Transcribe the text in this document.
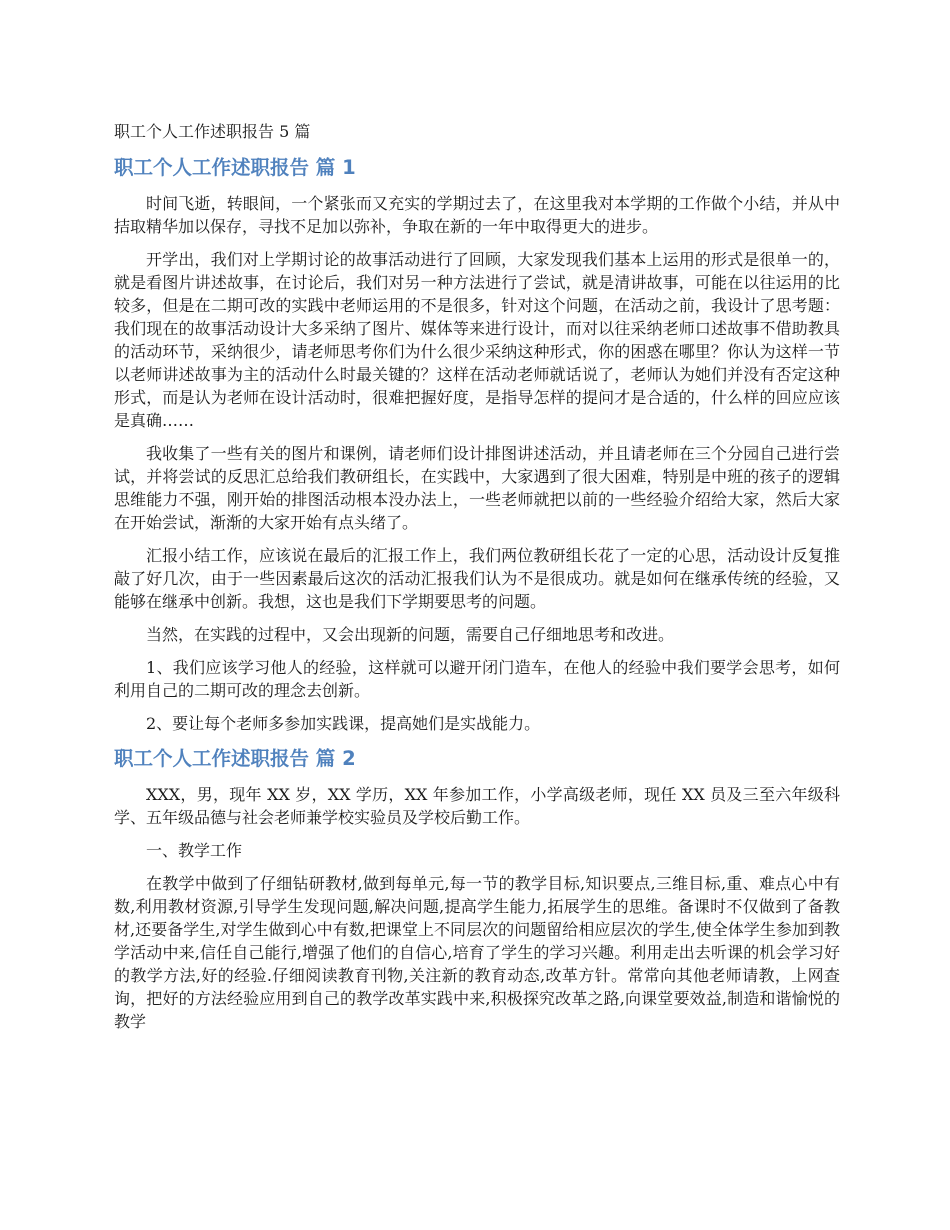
职工个人工作述职报告 5 篇
职工个人工作述职报告 篇 1

时间飞逝，转眼间，一个紧张而又充实的学期过去了，在这里我对本学期的工作做个小结，并从中拮取精华加以保存，寻找不足加以弥补，争取在新的一年中取得更大的进步。

开学出，我们对上学期讨论的故事活动进行了回顾，大家发现我们基本上运用的形式是很单一的，就是看图片讲述故事，在讨论后，我们对另一种方法进行了尝试，就是清讲故事，可能在以往运用的比较多，但是在二期可改的实践中老师运用的不是很多，针对这个问题，在活动之前，我设计了思考题：我们现在的故事活动设计大多采纳了图片、媒体等来进行设计，而对以往采纳老师口述故事不借助教具的活动环节，采纳很少，请老师思考你们为什么很少采纳这种形式，你的困惑在哪里？你认为这样一节以老师讲述故事为主的活动什么时最关键的？这样在活动老师就话说了，老师认为她们并没有否定这种形式，而是认为老师在设计活动时，很难把握好度，是指导怎样的提问才是合适的，什么样的回应应该是真确……

我收集了一些有关的图片和课例，请老师们设计排图讲述活动，并且请老师在三个分园自己进行尝试，并将尝试的反思汇总给我们教研组长，在实践中，大家遇到了很大困难，特别是中班的孩子的逻辑思维能力不强，刚开始的排图活动根本没办法上，一些老师就把以前的一些经验介绍给大家，然后大家在开始尝试，渐渐的大家开始有点头绪了。

汇报小结工作，应该说在最后的汇报工作上，我们两位教研组长花了一定的心思，活动设计反复推敲了好几次，由于一些因素最后这次的活动汇报我们认为不是很成功。就是如何在继承传统的经验，又能够在继承中创新。我想，这也是我们下学期要思考的问题。

当然，在实践的过程中，又会出现新的问题，需要自己仔细地思考和改进。

1、我们应该学习他人的经验，这样就可以避开闭门造车，在他人的经验中我们要学会思考，如何利用自己的二期可改的理念去创新。

2、要让每个老师多参加实践课，提高她们是实战能力。

职工个人工作述职报告 篇 2

XXX，男，现年 XX 岁，XX 学历，XX 年参加工作，小学高级老师，现任 XX 员及三至六年级科学、五年级品德与社会老师兼学校实验员及学校后勤工作。

一、教学工作

在教学中做到了仔细钻研教材,做到每单元,每一节的教学目标,知识要点,三维目标,重、难点心中有数,利用教材资源,引导学生发现问题,解决问题,提高学生能力,拓展学生的思维。备课时不仅做到了备教材,还要备学生,对学生做到心中有数,把课堂上不同层次的问题留给相应层次的学生,使全体学生参加到教学活动中来,信任自己能行,增强了他们的自信心,培育了学生的学习兴趣。利用走出去听课的机会学习好的教学方法,好的经验.仔细阅读教育刊物,关注新的教育动态,改革方针。常常向其他老师请教，上网查询，把好的方法经验应用到自己的教学改革实践中来,积极探究改革之路,向课堂要效益,制造和谐愉悦的教学
